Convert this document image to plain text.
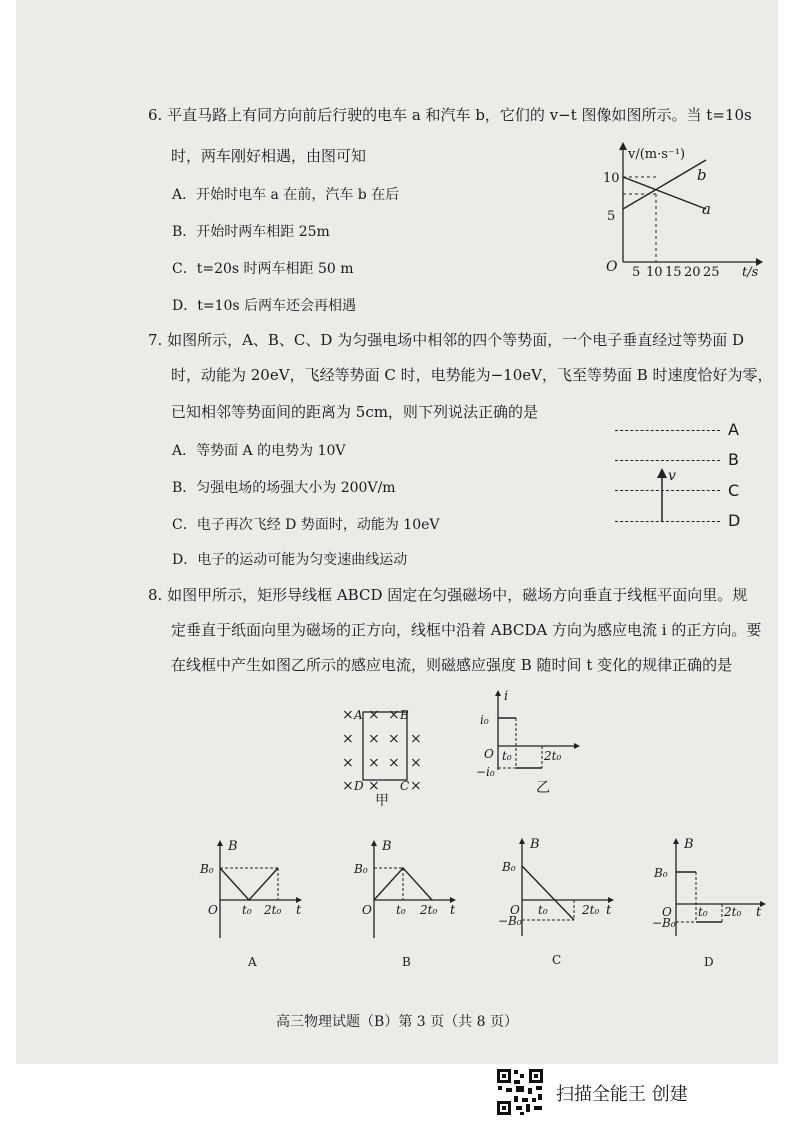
6. 平直马路上有同方向前后行驶的电车 a 和汽车 b，它们的 v−t 图像如图所示。当 t=10s
时，两车刚好相遇，由图可知
A．开始时电车 a 在前，汽车 b 在后
B．开始时两车相距 25m
C．t=20s 时两车相距 50 m
D．t=10s 后两车还会再相遇
v/(m·s⁻¹)
t/s
O
10
5
5 10 15 20 25
a
b
7. 如图所示，A、B、C、D 为匀强电场中相邻的四个等势面，一个电子垂直经过等势面 D
时，动能为 20eV，飞经等势面 C 时，电势能为−10eV，飞至等势面 B 时速度恰好为零，
已知相邻等势面间的距离为 5cm，则下列说法正确的是
A．等势面 A 的电势为 10V
B．匀强电场的场强大小为 200V/m
C．电子再次飞经 D 势面时，动能为 10eV
D．电子的运动可能为匀变速曲线运动
A
B
C
D
v
8. 如图甲所示，矩形导线框 ABCD 固定在匀强磁场中，磁场方向垂直于线框平面向里。规
定垂直于纸面向里为磁场的正方向，线框中沿着 ABCDA 方向为感应电流 i 的正方向。要
在线框中产生如图乙所示的感应电流，则磁感应强度 B 随时间 t 变化的规律正确的是
× A × × B
× × × ×
× × × ×
× D × C ×
甲
i
i₀
−i₀
O t₀	2t₀
乙
B
B₀
O t₀ 2t₀ t
A
B
B₀
O t₀ 2t₀ t
B
B
B₀
−B₀
O t₀	2t₀ t
C
B
B₀
−B₀
O t₀ 2t₀ t
D
高三物理试题（B）第 3 页（共 8 页）
扫描全能王 创建
